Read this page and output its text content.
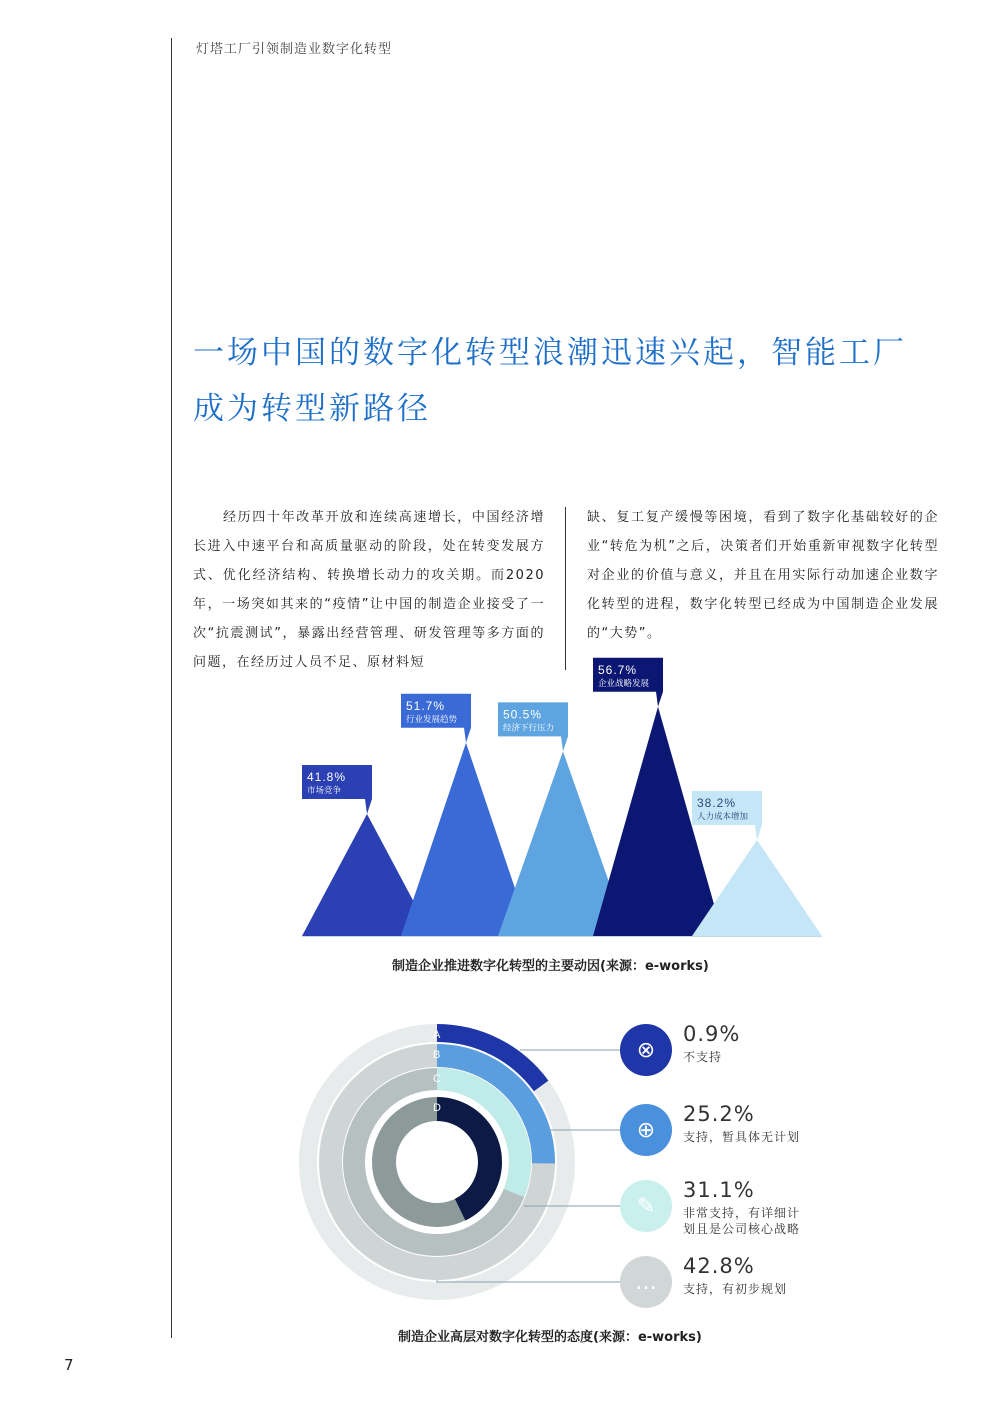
灯塔工厂引领制造业数字化转型
一场中国的数字化转型浪潮迅速兴起，智能工厂
成为转型新路径
经历四十年改革开放和连续高速增长，中国经济增长进入中速平台和高质量驱动的阶段，处在转变发展方式、优化经济结构、转换增长动力的攻关期。而2020年，一场突如其来的“疫情”让中国的制造企业接受了一次“抗震测试”，暴露出经营管理、研发管理等多方面的问题，在经历过人员不足、原材料短
缺、复工复产缓慢等困境，看到了数字化基础较好的企业“转危为机”之后，决策者们开始重新审视数字化转型对企业的价值与意义，并且在用实际行动加速企业数字化转型的进程，数字化转型已经成为中国制造企业发展的“大势”。
41.8%
市场竞争
51.7%
行业发展趋势	50.5%
经济下行压力
56.7%
企业战略发展
38.2%
人力成本增加
制造企业推进数字化转型的主要动因(来源：e-works)
A
B
C
D
⊗
0.9%
不支持
⊕
25.2%
支持，暂具体无计划
✎
31.1%
非常支持，有详细计
划且是公司核心战略
…
42.8%
支持，有初步规划
制造企业高层对数字化转型的态度(来源：e-works)
7
